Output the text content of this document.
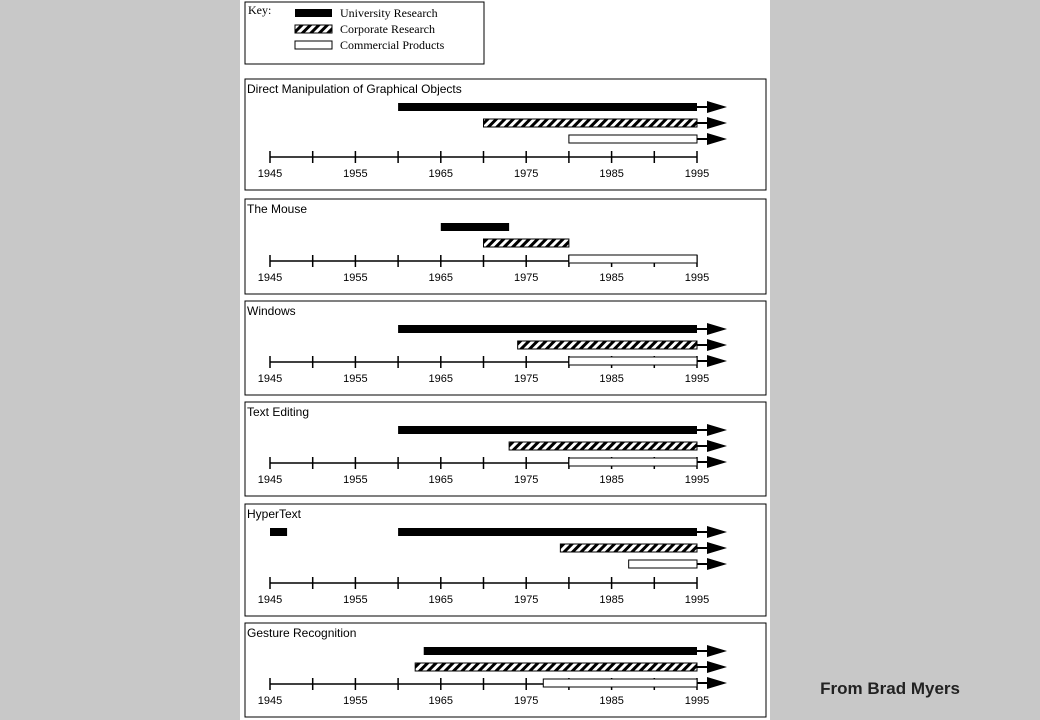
Key:	University Research
Corporate Research
Commercial Products
Direct Manipulation of Graphical Objects
1945	1955	1965	1975	1985	1995
The Mouse
1945	1955	1965	1975	1985	1995
Windows
1945	1955	1965	1975	1985	1995
Text Editing
1945	1955	1965	1975	1985	1995
HyperText
1945	1955	1965	1975	1985	1995
Gesture Recognition
1945	1955	1965	1975	1985	1995
From Brad Myers
